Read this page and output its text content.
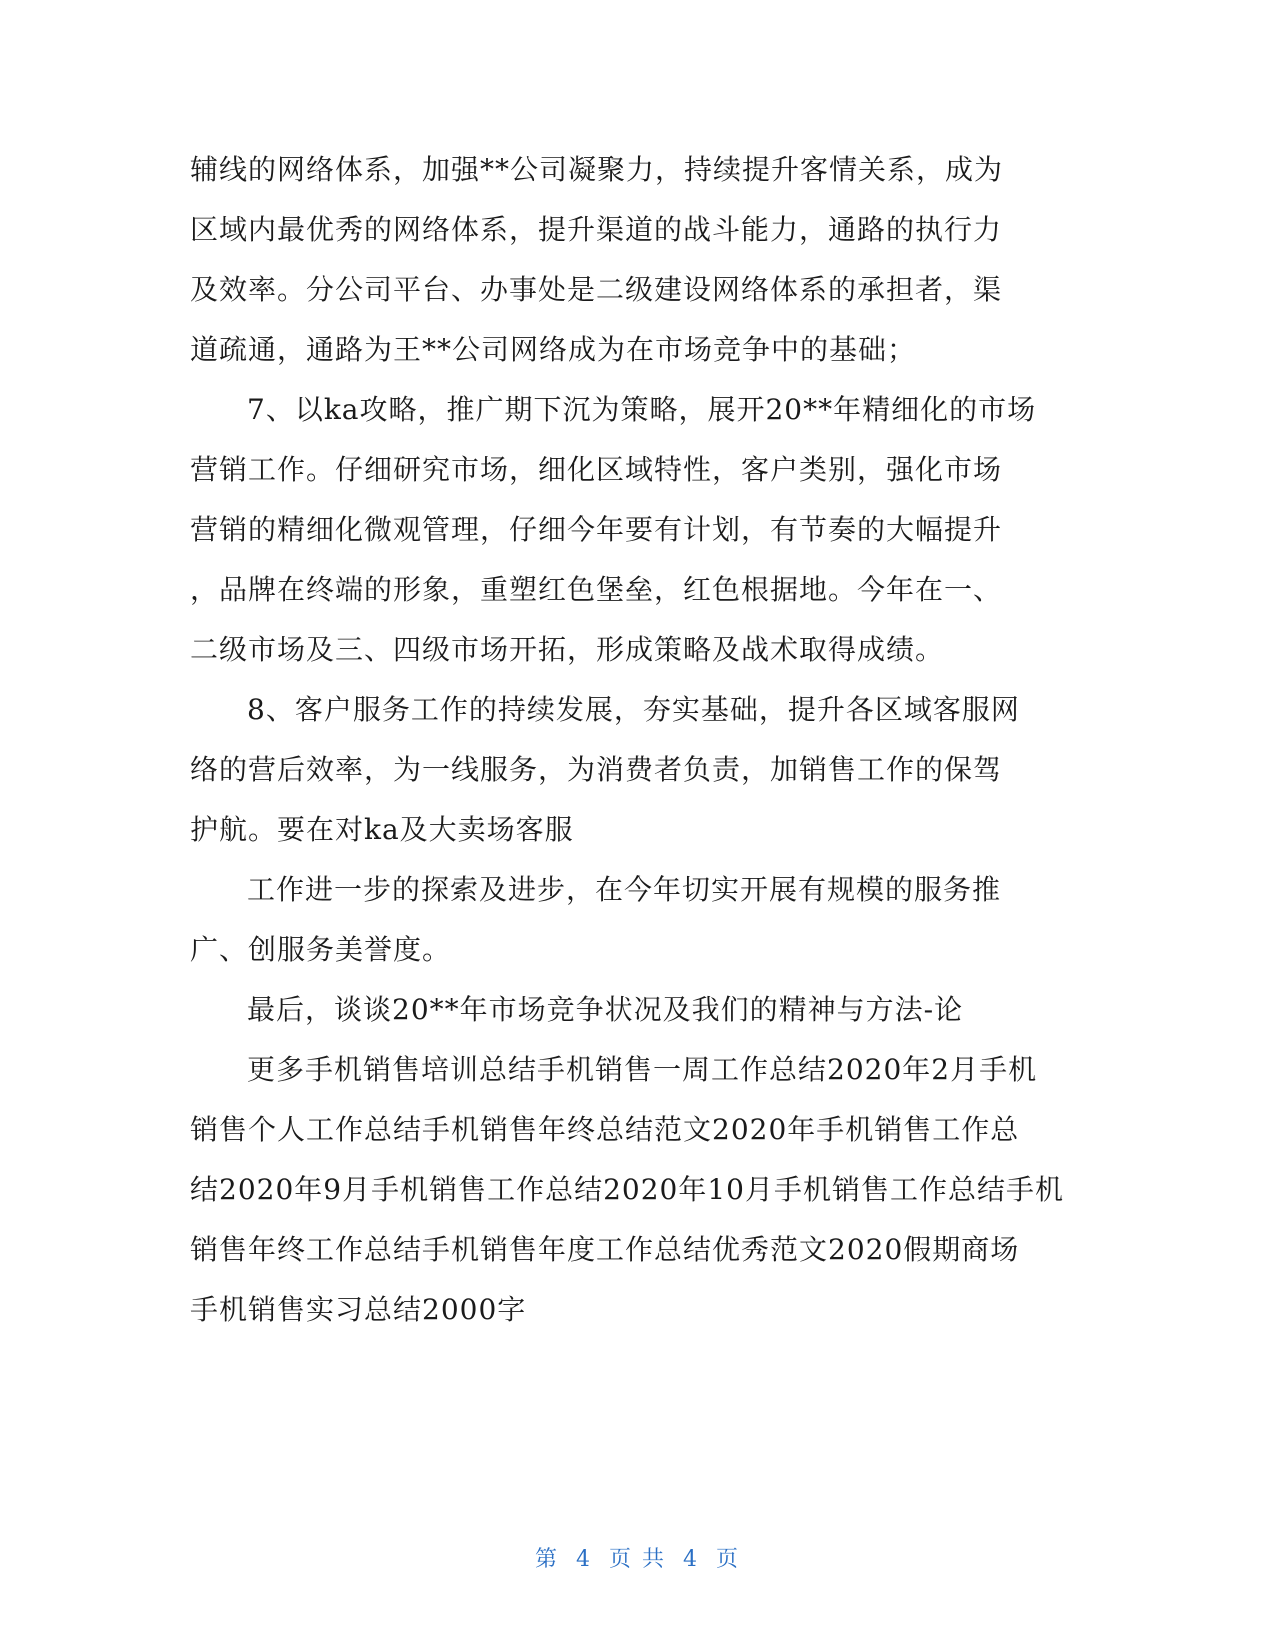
辅线的网络体系，加强**公司凝聚力，持续提升客情关系，成为
区域内最优秀的网络体系，提升渠道的战斗能力，通路的执行力
及效率。分公司平台、办事处是二级建设网络体系的承担者，渠
道疏通，通路为王**公司网络成为在市场竞争中的基础；
7、以ka攻略，推广期下沉为策略，展开20**年精细化的市场
营销工作。仔细研究市场，细化区域特性，客户类别，强化市场
营销的精细化微观管理，仔细今年要有计划，有节奏的大幅提升
，品牌在终端的形象，重塑红色堡垒，红色根据地。今年在一、
二级市场及三、四级市场开拓，形成策略及战术取得成绩。
8、客户服务工作的持续发展，夯实基础，提升各区域客服网
络的营后效率，为一线服务，为消费者负责，加销售工作的保驾
护航。要在对ka及大卖场客服
工作进一步的探索及进步，在今年切实开展有规模的服务推
广、创服务美誉度。
最后，谈谈20**年市场竞争状况及我们的精神与方法-论
更多手机销售培训总结手机销售一周工作总结2020年2月手机
销售个人工作总结手机销售年终总结范文2020年手机销售工作总
结2020年9月手机销售工作总结2020年10月手机销售工作总结手机
销售年终工作总结手机销售年度工作总结优秀范文2020假期商场
手机销售实习总结2000字
第 4 页 共 4 页
